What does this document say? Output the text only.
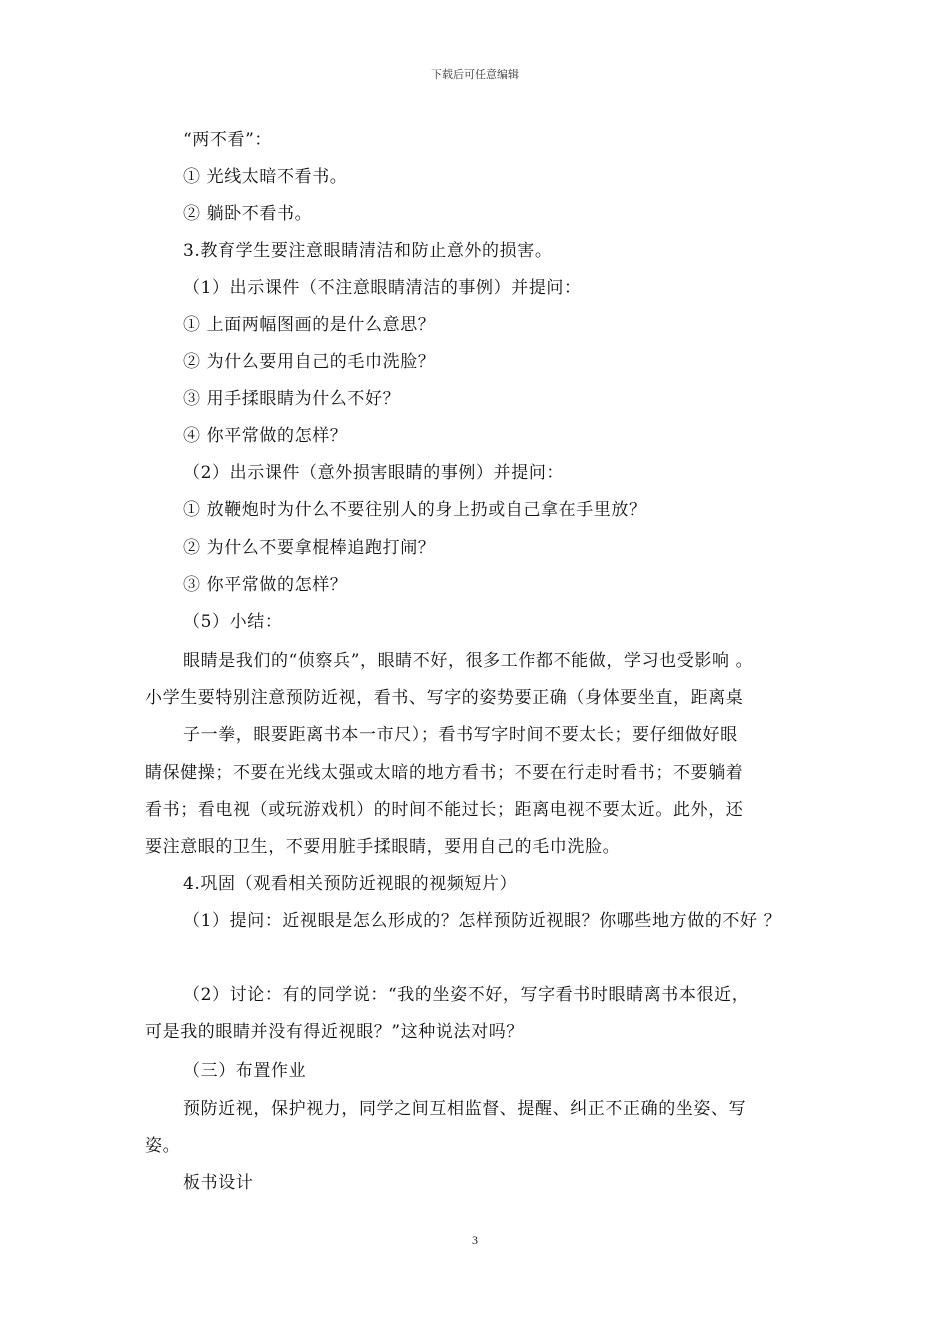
下载后可任意编辑
“两不看”：
① 光线太暗不看书。
② 躺卧不看书。
3.教育学生要注意眼睛清洁和防止意外的损害。
（1）出示课件（不注意眼睛清洁的事例）并提问：
① 上面两幅图画的是什么意思？
② 为什么要用自己的毛巾洗脸？
③ 用手揉眼睛为什么不好？
④ 你平常做的怎样？
（2）出示课件（意外损害眼睛的事例）并提问：
① 放鞭炮时为什么不要往别人的身上扔或自己拿在手里放？
② 为什么不要拿棍棒追跑打闹？
③ 你平常做的怎样？
（5）小结：
眼睛是我们的“侦察兵”，眼睛不好，很多工作都不能做，学习也受影响 。
小学生要特别注意预防近视，看书、写字的姿势要正确（身体要坐直，距离桌
子一拳，眼要距离书本一市尺）；看书写字时间不要太长；要仔细做好眼
睛保健操；不要在光线太强或太暗的地方看书；不要在行走时看书；不要躺着
看书；看电视（或玩游戏机）的时间不能过长；距离电视不要太近。此外，还
要注意眼的卫生，不要用脏手揉眼睛，要用自己的毛巾洗脸。
4.巩固（观看相关预防近视眼的视频短片）
（1）提问：近视眼是怎么形成的？怎样预防近视眼？你哪些地方做的不好 ？
（2）讨论：有的同学说：“我的坐姿不好，写字看书时眼睛离书本很近，
可是我的眼睛并没有得近视眼？”这种说法对吗？
（三）布置作业
预防近视，保护视力，同学之间互相监督、提醒、纠正不正确的坐姿、写
姿。
板书设计
3
